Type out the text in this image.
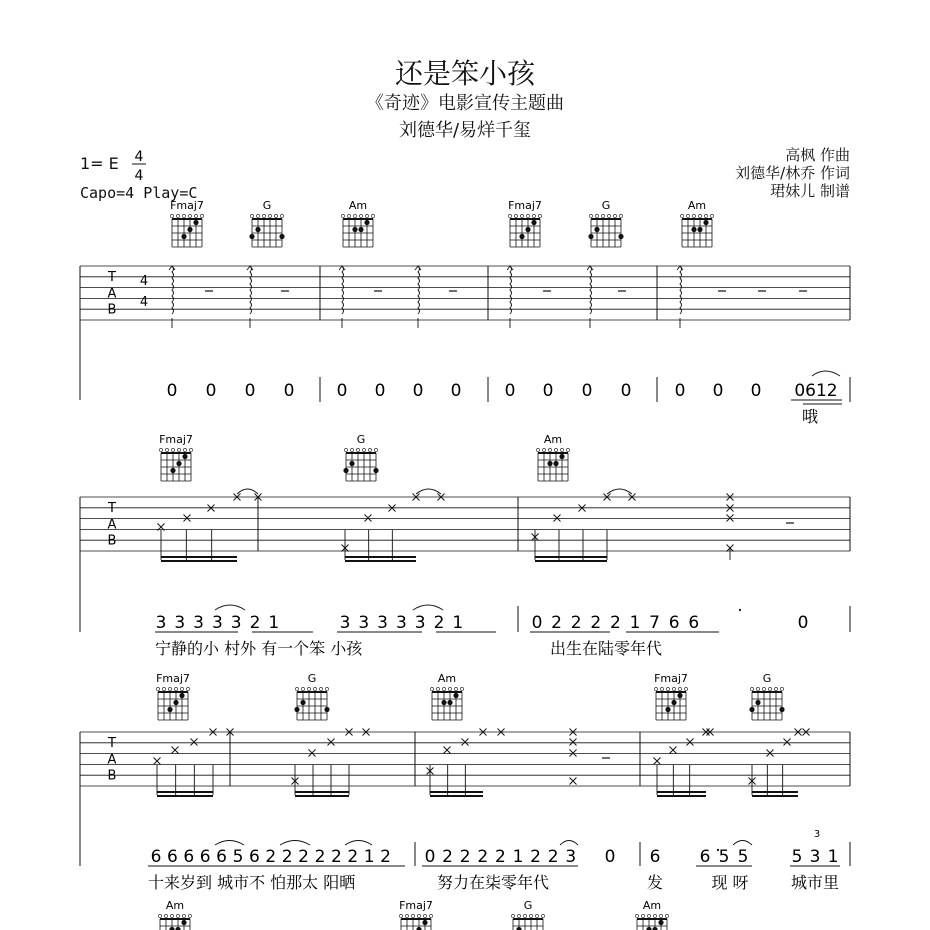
还是笨小孩
《奇迹》电影宣传主题曲
刘德华/易烊千玺
1= E
Capo=4 Play=C
高枫 作曲
刘德华/林乔 作词
珺妹儿 制谱
4
4
Fmaj7	G	Am	Fmaj7	G	Am
T
A
B
4
4
0 0 0 0 0 0 0 0	0 0 0 0	0 0 0 0612
哦
Fmaj7	G	Am
T
A
B
3 3 3 3 3 2 1	3 3 3 3 3 2 1	0 2 2 2 2 1 7 6 6
·
0
宁静的小 村外 有一个笨 小孩	出生在陆零年代
Fmaj7	G	Am	Fmaj7	G
T
A
B
6 6 6 6 6 5 6 2 2 2 2 2 2 1 2 0 2 2 2 2 1 2 2 3 0 6 6 5 5
·	5 3 1
3
十来岁到 城市不 怕那太 阳晒	努力在柒零年代	发	现 呀	城市里
Am	Fmaj7	G	Am
